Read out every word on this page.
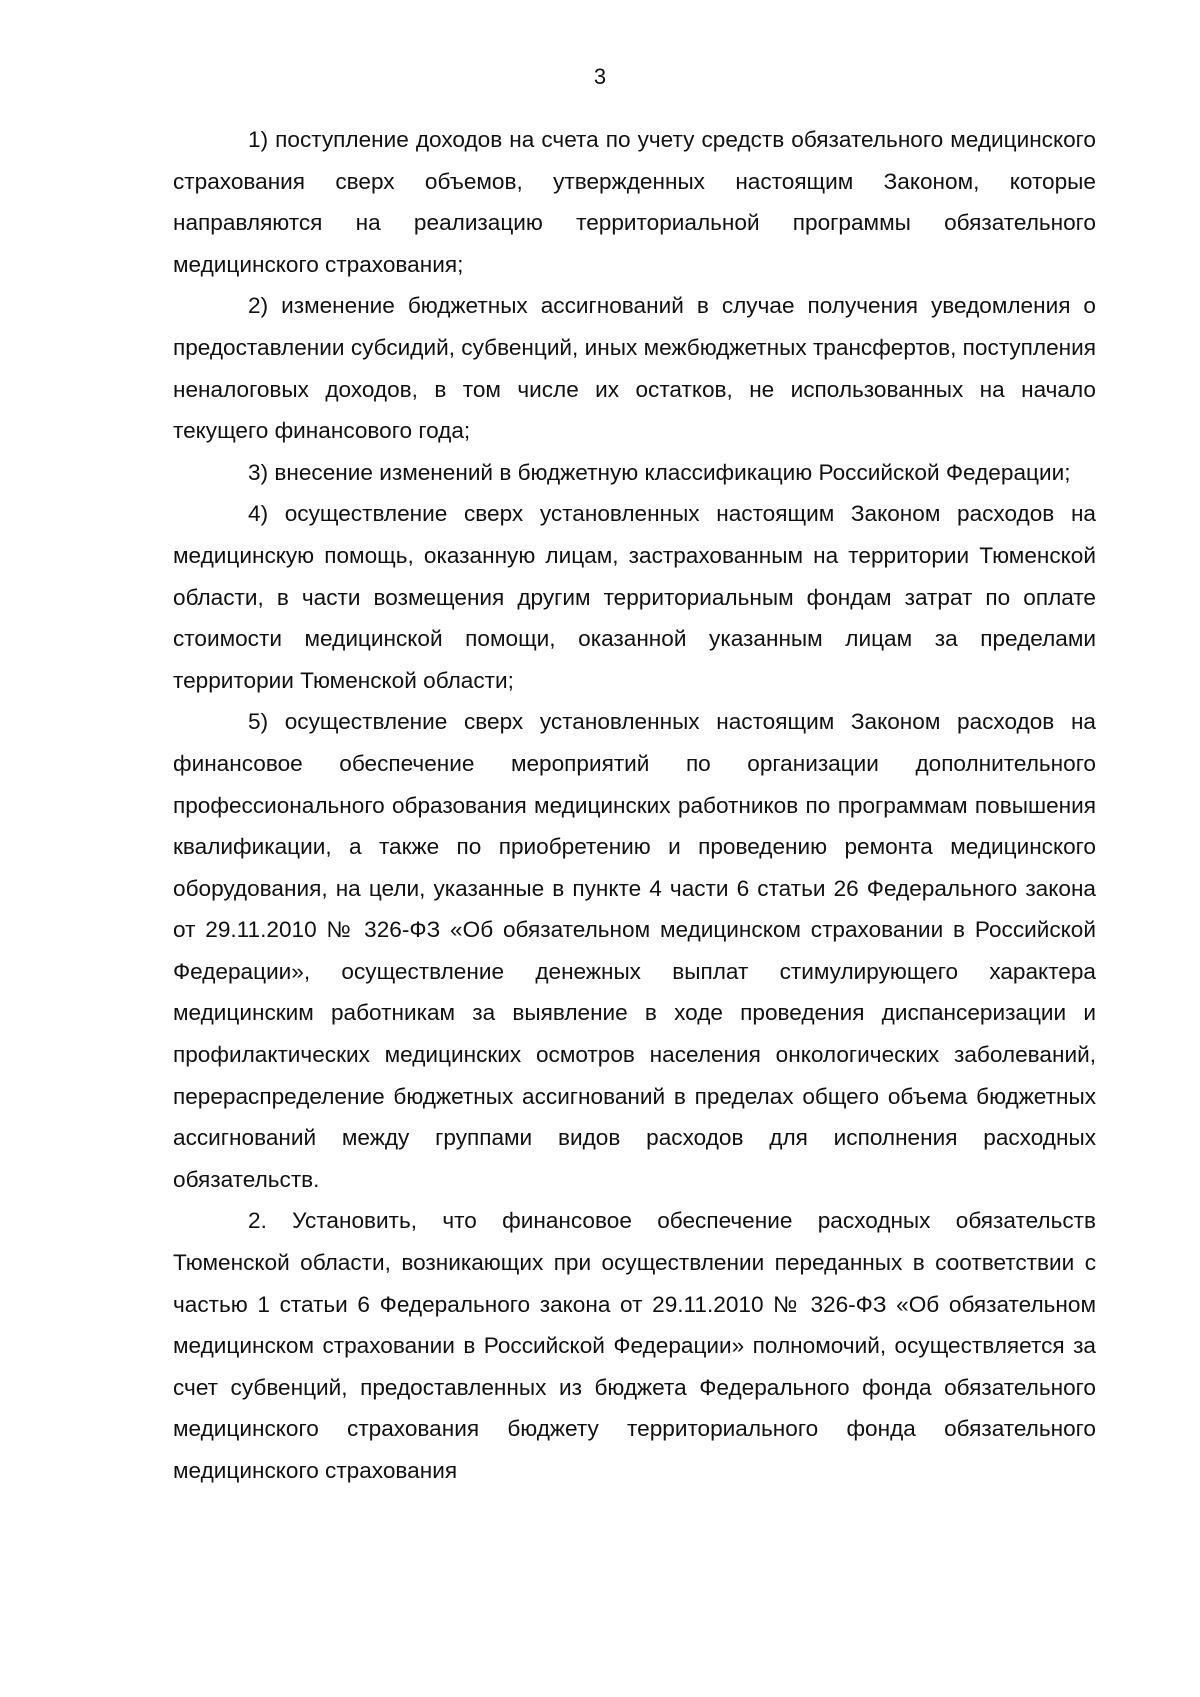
3

1) поступление доходов на счета по учету средств обязательного медицинского страхования сверх объемов, утвержденных настоящим Законом, которые направляются на реализацию территориальной программы обязательного медицинского страхования;

2) изменение бюджетных ассигнований в случае получения уведомления о предоставлении субсидий, субвенций, иных межбюджетных трансфертов, поступления неналоговых доходов, в том числе их остатков, не использованных на начало текущего финансового года;

3) внесение изменений в бюджетную классификацию Российской Федерации;

4) осуществление сверх установленных настоящим Законом расходов на медицинскую помощь, оказанную лицам, застрахованным на территории Тюменской области, в части возмещения другим территориальным фондам затрат по оплате стоимости медицинской помощи, оказанной указанным лицам за пределами территории Тюменской области;

5) осуществление сверх установленных настоящим Законом расходов на финансовое обеспечение мероприятий по организации дополнительного профессионального образования медицинских работников по программам повышения квалификации, а также по приобретению и проведению ремонта медицинского оборудования, на цели, указанные в пункте 4 части 6 статьи 26 Федерального закона от 29.11.2010 № 326-ФЗ «Об обязательном медицинском страховании в Российской Федерации», осуществление денежных выплат стимулирующего характера медицинским работникам за выявление в ходе проведения диспансеризации и профилактических медицинских осмотров населения онкологических заболеваний, перераспределение бюджетных ассигнований в пределах общего объема бюджетных ассигнований между группами видов расходов для исполнения расходных обязательств.

2. Установить, что финансовое обеспечение расходных обязательств Тюменской области, возникающих при осуществлении переданных в соответствии с частью 1 статьи 6 Федерального закона от 29.11.2010 № 326-ФЗ «Об обязательном медицинском страховании в Российской Федерации» полномочий, осуществляется за счет субвенций, предоставленных из бюджета Федерального фонда обязательного медицинского страхования бюджету территориального фонда обязательного медицинского страхования
